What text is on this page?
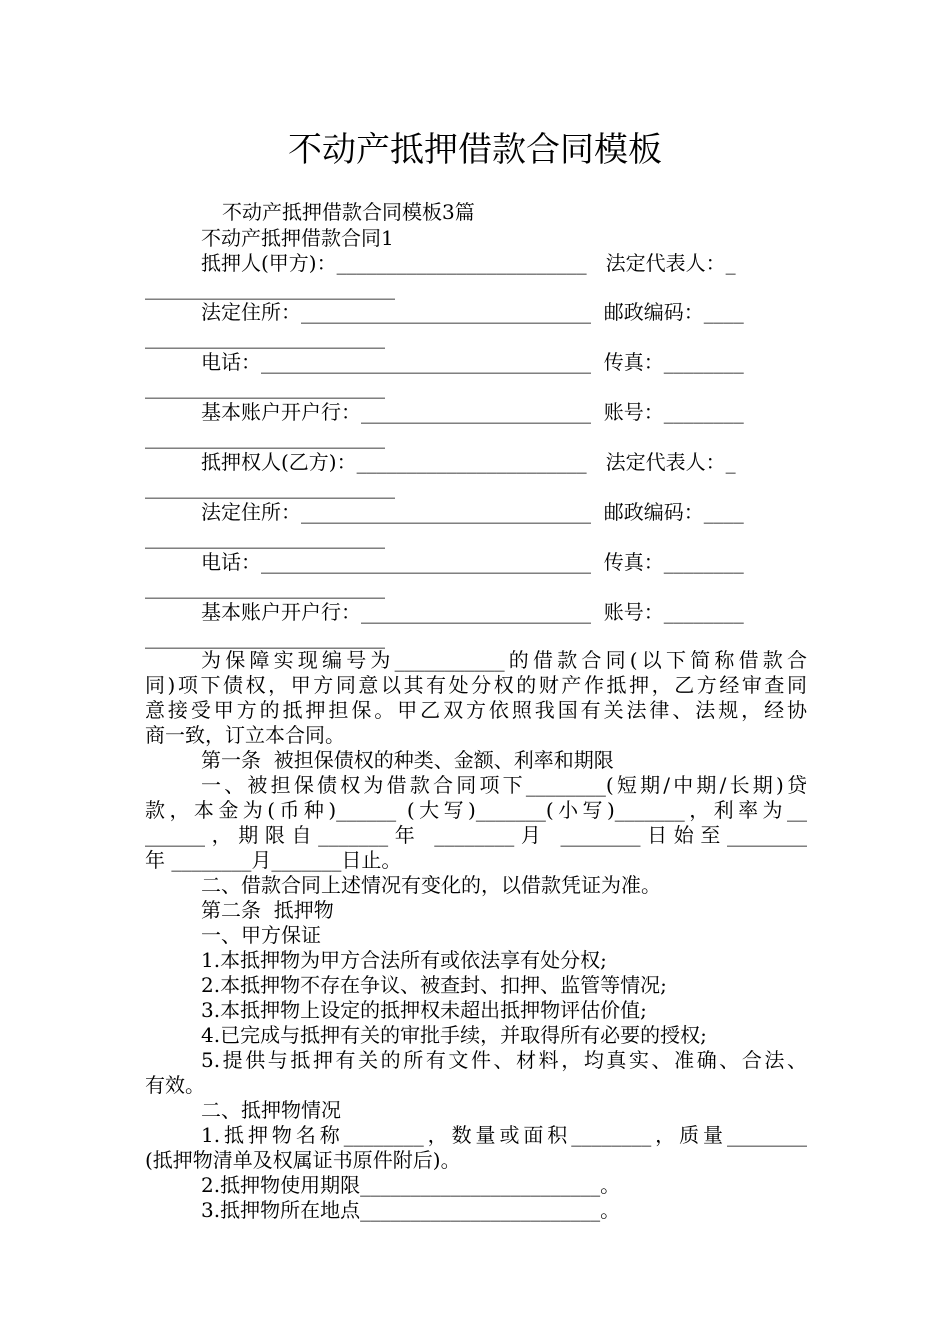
不动产抵押借款合同模板
不动产抵押借款合同模板3篇
不动产抵押借款合同1
抵押人(甲方)：_________________________   法定代表人：_
_________________________
法定住所：_____________________________  邮政编码：____
________________________
电话：_________________________________  传真：________
________________________
基本账户开户行：_______________________  账号：________
________________________
抵押权人(乙方)：_______________________   法定代表人：_
_________________________
法定住所：_____________________________  邮政编码：____
________________________
电话：_________________________________  传真：________
________________________
基本账户开户行：_______________________  账号：________
________________________
为保障实现编号为___________的借款合同(以下简称借款合
同)项下债权，甲方同意以其有处分权的财产作抵押，乙方经审查同
意接受甲方的抵押担保。甲乙双方依照我国有关法律、法规，经协
商一致，订立本合同。
第一条  被担保债权的种类、金额、利率和期限
一、被担保债权为借款合同项下________(短期/中期/长期)贷
款，本金为(币种)______ (大写)_______(小写)_______，利率为__
______，期限自_______年 ________月 ________日始至________
年 ________月_______日止。
二、借款合同上述情况有变化的，以借款凭证为准。
第二条  抵押物
一、甲方保证
1.本抵押物为甲方合法所有或依法享有处分权;
2.本抵押物不存在争议、被查封、扣押、监管等情况;
3.本抵押物上设定的抵押权未超出抵押物评估价值;
4.已完成与抵押有关的审批手续，并取得所有必要的授权;
5.提供与抵押有关的所有文件、材料，均真实、准确、合法、
有效。
二、抵押物情况
1.抵押物名称________，数量或面积________，质量________
(抵押物清单及权属证书原件附后)。
2.抵押物使用期限________________________。
3.抵押物所在地点________________________。
